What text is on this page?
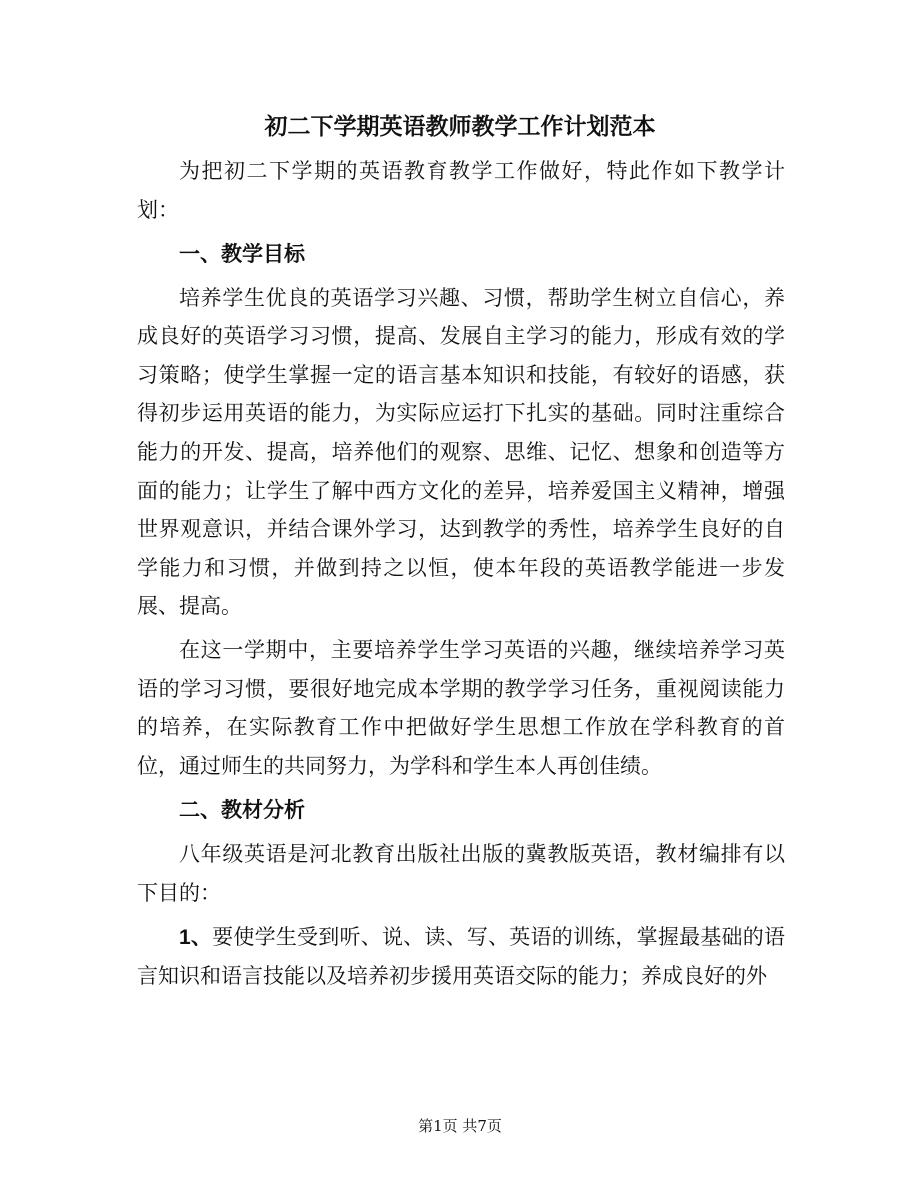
初二下学期英语教师教学工作计划范本

为把初二下学期的英语教育教学工作做好，特此作如下教学计划：

一、教学目标

培养学生优良的英语学习兴趣、习惯，帮助学生树立自信心，养成良好的英语学习习惯，提高、发展自主学习的能力，形成有效的学习策略；使学生掌握一定的语言基本知识和技能，有较好的语感，获得初步运用英语的能力，为实际应运打下扎实的基础。同时注重综合能力的开发、提高，培养他们的观察、思维、记忆、想象和创造等方面的能力；让学生了解中西方文化的差异，培养爱国主义精神，增强世界观意识，并结合课外学习，达到教学的秀性，培养学生良好的自学能力和习惯，并做到持之以恒，使本年段的英语教学能进一步发展、提高。

在这一学期中，主要培养学生学习英语的兴趣，继续培养学习英语的学习习惯，要很好地完成本学期的教学学习任务，重视阅读能力的培养，在实际教育工作中把做好学生思想工作放在学科教育的首位，通过师生的共同努力，为学科和学生本人再创佳绩。

二、教材分析

八年级英语是河北教育出版社出版的冀教版英语，教材编排有以下目的：

1、要使学生受到听、说、读、写、英语的训练，掌握最基础的语言知识和语言技能以及培养初步援用英语交际的能力；养成良好的外

第1页 共7页
